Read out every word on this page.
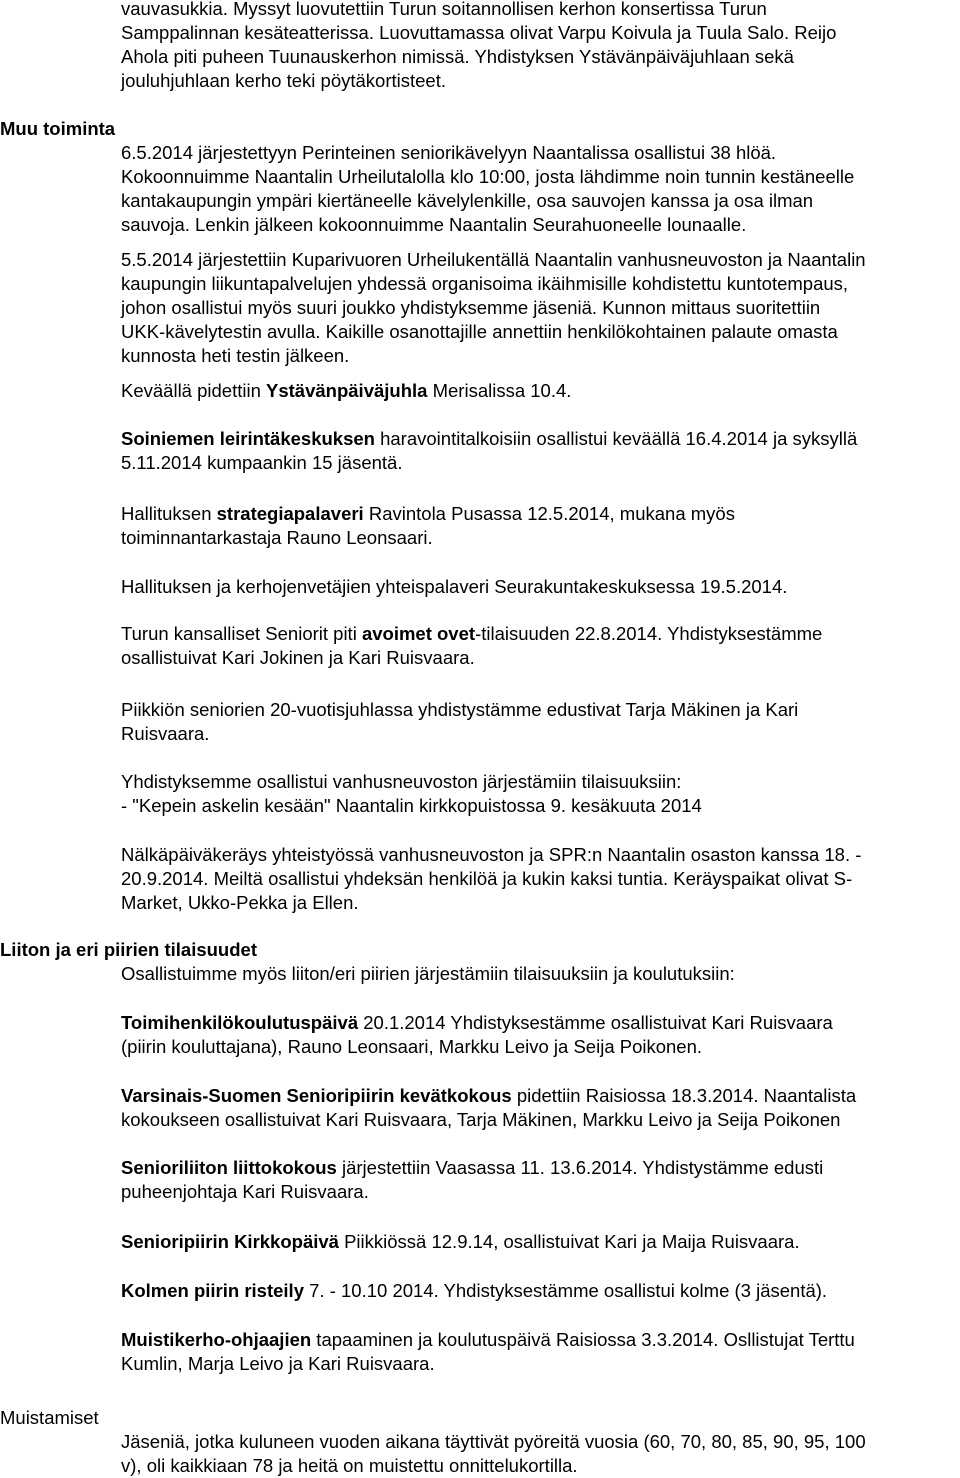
vauvasukkia. Myssyt luovutettiin Turun soitannollisen kerhon konsertissa Turun
Samppalinnan kesäteatterissa. Luovuttamassa olivat Varpu Koivula ja Tuula Salo. Reijo
Ahola piti puheen Tuunauskerhon nimissä. Yhdistyksen Ystävänpäiväjuhlaan sekä
jouluhjuhlaan kerho teki pöytäkortisteet.
Muu toiminta
6.5.2014 järjestettyyn Perinteinen seniorikävelyyn Naantalissa osallistui 38 hlöä.
Kokoonnuimme Naantalin Urheilutalolla klo 10:00, josta lähdimme noin tunnin kestäneelle
kantakaupungin ympäri kiertäneelle kävelylenkille, osa sauvojen kanssa ja osa ilman
sauvoja. Lenkin jälkeen kokoonnuimme Naantalin Seurahuoneelle lounaalle.
5.5.2014 järjestettiin Kuparivuoren Urheilukentällä Naantalin vanhusneuvoston ja Naantalin
kaupungin liikuntapalvelujen yhdessä organisoima ikäihmisille kohdistettu kuntotempaus,
johon osallistui myös suuri joukko yhdistyksemme jäseniä. Kunnon mittaus suoritettiin
UKK-kävelytestin avulla. Kaikille osanottajille annettiin henkilökohtainen palaute omasta
kunnosta heti testin jälkeen.
Keväällä pidettiin Ystävänpäiväjuhla Merisalissa 10.4.
Soiniemen leirintäkeskuksen haravointitalkoisiin osallistui keväällä 16.4.2014 ja syksyllä
5.11.2014 kumpaankin 15 jäsentä.
Hallituksen strategiapalaveri Ravintola Pusassa 12.5.2014, mukana myös
toiminnantarkastaja Rauno Leonsaari.
Hallituksen ja kerhojenvetäjien yhteispalaveri Seurakuntakeskuksessa 19.5.2014.
Turun kansalliset Seniorit piti avoimet ovet-tilaisuuden 22.8.2014. Yhdistyksestämme
osallistuivat Kari Jokinen ja Kari Ruisvaara.
Piikkiön seniorien 20-vuotisjuhlassa yhdistystämme edustivat Tarja Mäkinen ja Kari
Ruisvaara.
Yhdistyksemme osallistui vanhusneuvoston järjestämiin tilaisuuksiin:
- "Kepein askelin kesään" Naantalin kirkkopuistossa 9. kesäkuuta 2014
Nälkäpäiväkeräys yhteistyössä vanhusneuvoston ja SPR:n Naantalin osaston kanssa 18. -
20.9.2014. Meiltä osallistui yhdeksän henkilöä ja kukin kaksi tuntia. Keräyspaikat olivat S-
Market, Ukko-Pekka ja Ellen.
Liiton ja eri piirien tilaisuudet
Osallistuimme myös liiton/eri piirien järjestämiin tilaisuuksiin ja koulutuksiin:
Toimihenkilökoulutuspäivä 20.1.2014 Yhdistyksestämme osallistuivat Kari Ruisvaara
(piirin kouluttajana), Rauno Leonsaari, Markku Leivo ja Seija Poikonen.
Varsinais-Suomen Senioripiirin kevätkokous pidettiin Raisiossa 18.3.2014. Naantalista
kokoukseen osallistuivat Kari Ruisvaara, Tarja Mäkinen, Markku Leivo ja Seija Poikonen
Senioriliiton liittokokous järjestettiin Vaasassa 11. 13.6.2014. Yhdistystämme edusti
puheenjohtaja Kari Ruisvaara.
Senioripiirin Kirkkopäivä Piikkiössä 12.9.14, osallistuivat Kari ja Maija Ruisvaara.
Kolmen piirin risteily 7. - 10.10 2014. Yhdistyksestämme osallistui kolme (3 jäsentä).
Muistikerho-ohjaajien tapaaminen ja koulutuspäivä Raisiossa 3.3.2014. Osllistujat Terttu
Kumlin, Marja Leivo ja Kari Ruisvaara.
Muistamiset
Jäseniä, jotka kuluneen vuoden aikana täyttivät pyöreitä vuosia (60, 70, 80, 85, 90, 95, 100
v), oli kaikkiaan 78 ja heitä on muistettu onnittelukortilla.
